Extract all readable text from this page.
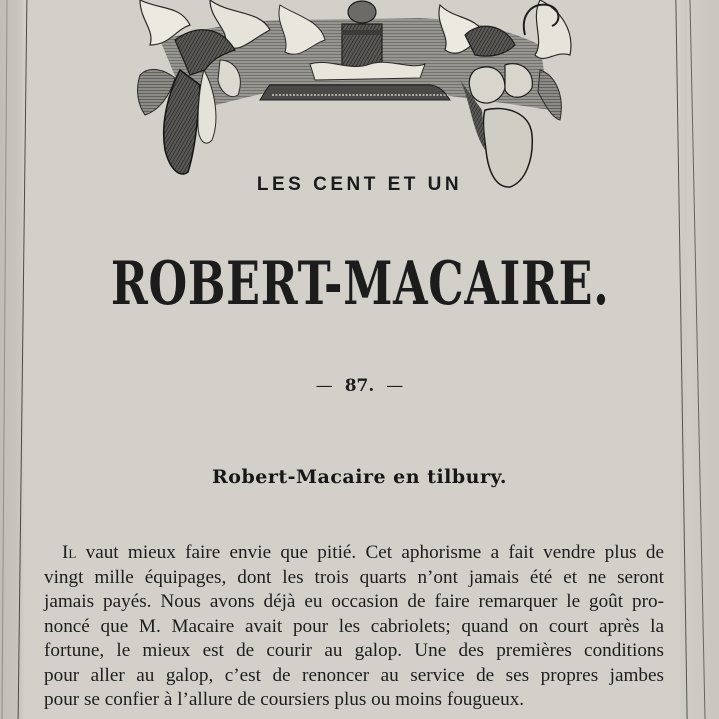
LES CENT ET UN
ROBERT-MACAIRE.
— 87. —
Robert-Macaire en tilbury.
Il vaut mieux faire envie que pitié. Cet aphorisme a fait vendre plus de
vingt mille équipages, dont les trois quarts n’ont jamais été et ne seront
jamais payés. Nous avons déjà eu occasion de faire remarquer le goût pro-
noncé que M. Macaire avait pour les cabriolets; quand on court après la
fortune, le mieux est de courir au galop. Une des premières conditions
pour aller au galop, c’est de renoncer au service de ses propres jambes
pour se confier à l’allure de coursiers plus ou moins fougueux.
